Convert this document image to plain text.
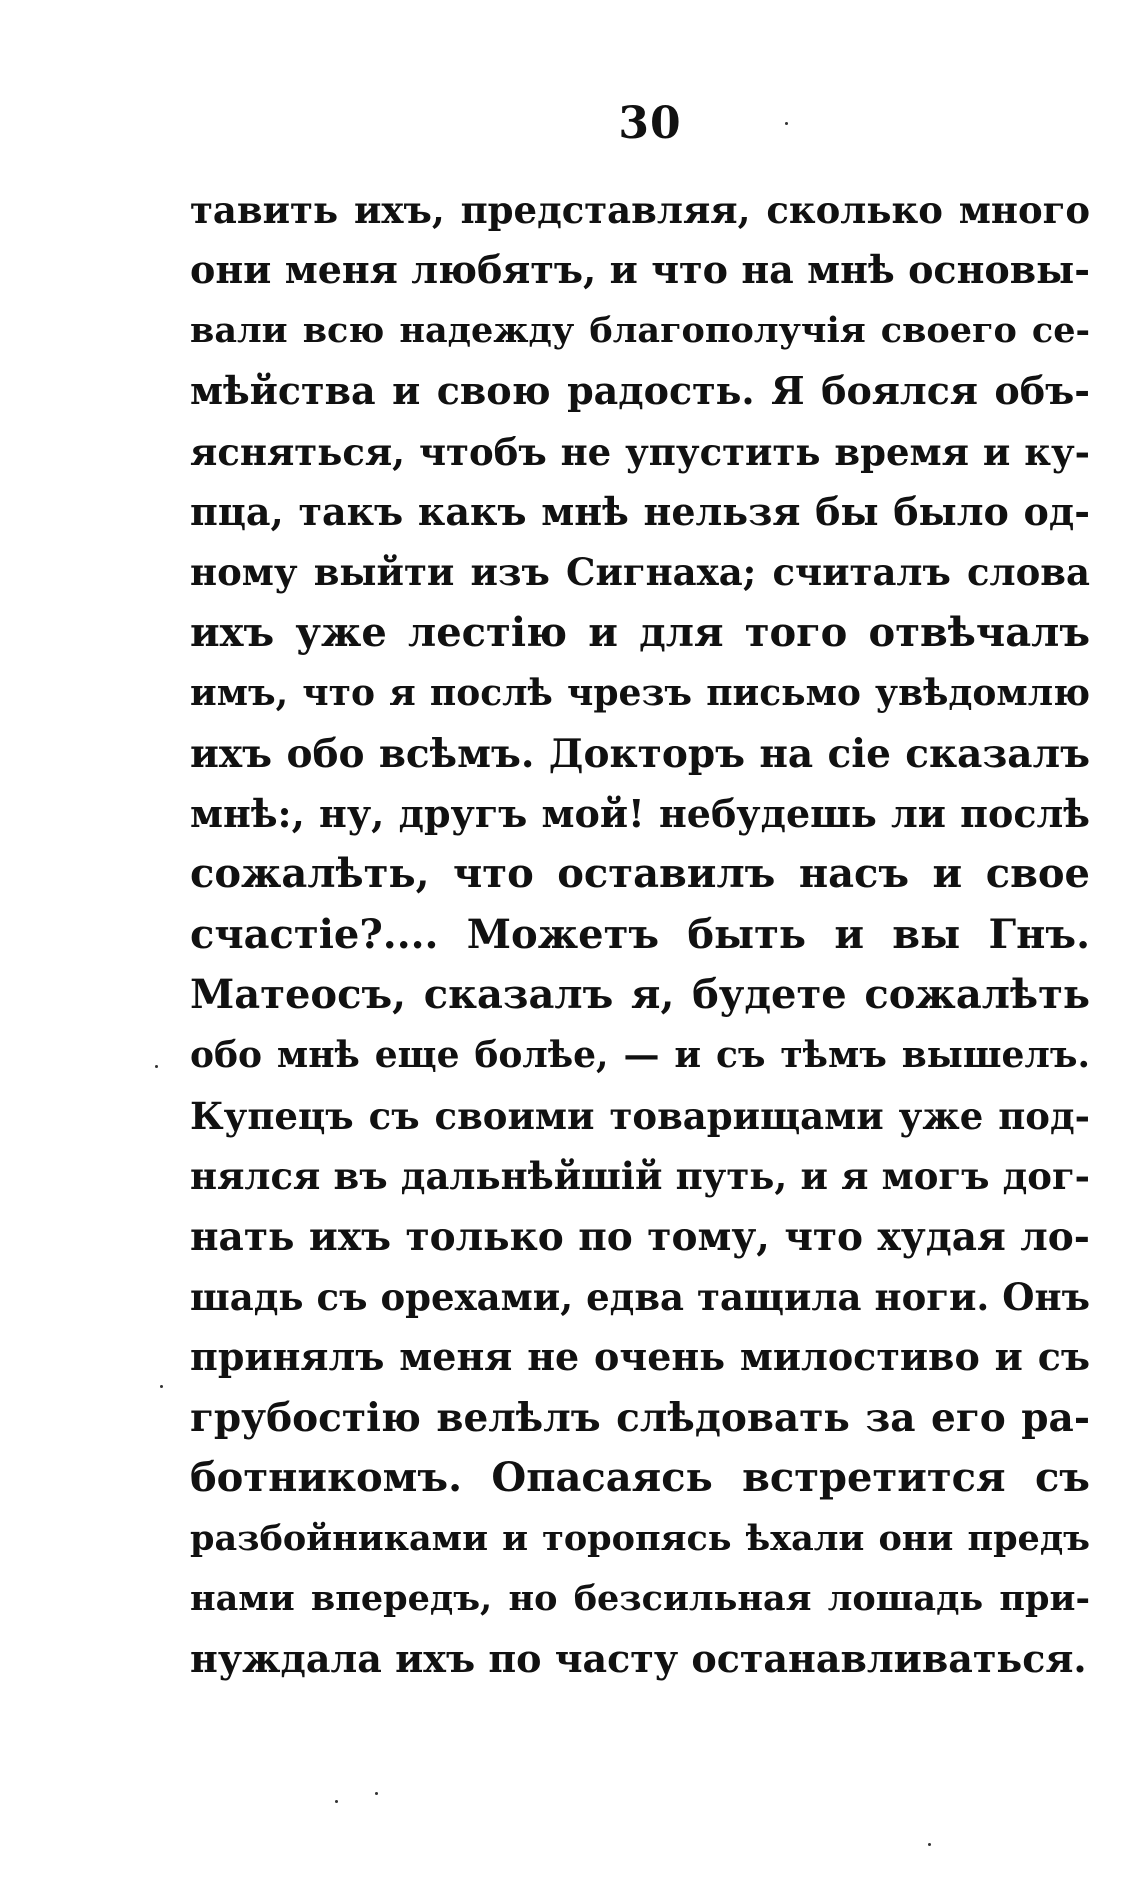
30
тавить ихъ, представляя, сколько много
они меня любятъ, и что на мнѣ основы-
вали всю надежду благополучія своего се-
мѣйства и свою радость. Я боялся объ-
ясняться, чтобъ не упустить время и ку-
пца, такъ какъ мнѣ нельзя бы было од-
ному выйти изъ Сигнаха; считалъ слова
ихъ уже лестію и для того отвѣчалъ
имъ, что я послѣ чрезъ письмо увѣдомлю
ихъ обо всѣмъ. Докторъ на сіе сказалъ
мнѣ:, ну, другъ мой! небудешь ли послѣ
сожалѣть, что оставилъ насъ и свое
счастіе?.... Можетъ быть и вы Гнъ.
Матеосъ, сказалъ я, будете сожалѣть
обо мнѣ еще болѣе, — и съ тѣмъ вышелъ.
Купецъ съ своими товарищами уже под-
нялся въ дальнѣйшій путь, и я могъ дог-
нать ихъ только по тому, что худая ло-
шадь съ орехами, едва тащила ноги. Онъ
принялъ меня не очень милостиво и съ
грубостію велѣлъ слѣдовать за его ра-
ботникомъ. Опасаясь встретится съ
разбойниками и торопясь ѣхали они предъ
нами впередъ, но безсильная лошадь при-
нуждала ихъ по часту останавливаться.
